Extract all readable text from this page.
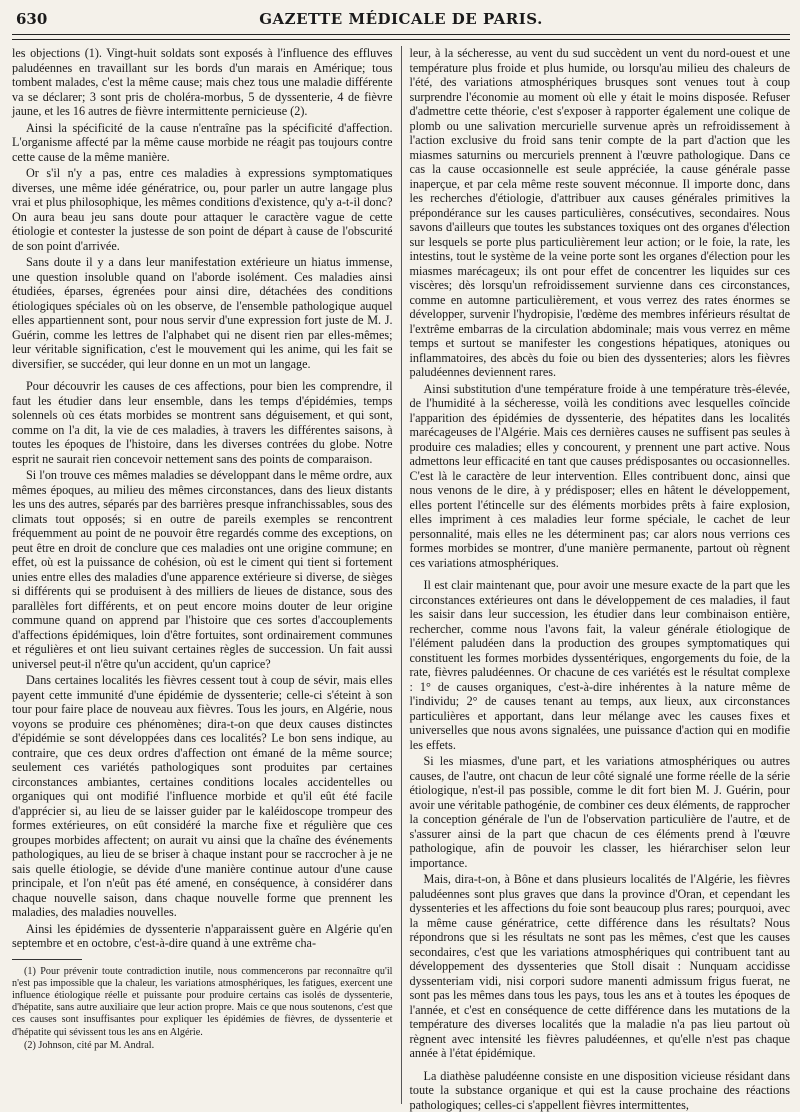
630	GAZETTE MÉDICALE DE PARIS.

les objections (1). Vingt-huit soldats sont exposés à l'influence des effluves paludéennes en travaillant sur les bords d'un marais en Amérique; tous tombent malades, c'est la même cause; mais chez tous une maladie différente va se déclarer; 3 sont pris de choléra-morbus, 5 de dyssenterie, 4 de fièvre jaune, et les 16 autres de fièvre intermittente pernicieuse (2).

Ainsi la spécificité de la cause n'entraîne pas la spécificité d'affection. L'organisme affecté par la même cause morbide ne réagit pas toujours contre cette cause de la même manière.

Or s'il n'y a pas, entre ces maladies à expressions symptomatiques diverses, une même idée génératrice, ou, pour parler un autre langage plus vrai et plus philosophique, les mêmes conditions d'existence, qu'y a-t-il donc? On aura beau jeu sans doute pour attaquer le caractère vague de cette étiologie et contester la justesse de son point de départ à cause de l'obscurité de son point d'arrivée.

Sans doute il y a dans leur manifestation extérieure un hiatus immense, une question insoluble quand on l'aborde isolément. Ces maladies ainsi étudiées, éparses, égrenées pour ainsi dire, détachées des conditions étiologiques spéciales où on les observe, de l'ensemble pathologique auquel elles appartiennent sont, pour nous servir d'une expression fort juste de M. J. Guérin, comme les lettres de l'alphabet qui ne disent rien par elles-mêmes; leur véritable signification, c'est le mouvement qui les anime, qui les fait se diversifier, se succéder, qui leur donne en un mot un langage.

Pour découvrir les causes de ces affections, pour bien les comprendre, il faut les étudier dans leur ensemble, dans les temps d'épidémies, temps solennels où ces états morbides se montrent sans déguisement, et qui sont, comme on l'a dit, la vie de ces maladies, à travers les différentes saisons, à toutes les époques de l'histoire, dans les diverses contrées du globe. Notre esprit ne saurait rien concevoir nettement sans des points de comparaison.

Si l'on trouve ces mêmes maladies se développant dans le même ordre, aux mêmes époques, au milieu des mêmes circonstances, dans des lieux distants les uns des autres, séparés par des barrières presque infranchissables, sous des climats tout opposés; si en outre de pareils exemples se rencontrent fréquemment au point de ne pouvoir être regardés comme des exceptions, on peut être en droit de conclure que ces maladies ont une origine commune; en effet, où est la puissance de cohésion, où est le ciment qui tient si fortement unies entre elles des maladies d'une apparence extérieure si diverse, de sièges si différents qui se produisent à des milliers de lieues de distance, sous des parallèles fort différents, et on peut encore moins douter de leur origine commune quand on apprend par l'histoire que ces sortes d'accouplements d'affections épidémiques, loin d'être fortuites, sont ordinairement communes et régulières et ont lieu suivant certaines règles de succession. Un fait aussi universel peut-il n'être qu'un accident, qu'un caprice?

Dans certaines localités les fièvres cessent tout à coup de sévir, mais elles payent cette immunité d'une épidémie de dyssenterie; celle-ci s'éteint à son tour pour faire place de nouveau aux fièvres. Tous les jours, en Algérie, nous voyons se produire ces phénomènes; dira-t-on que deux causes distinctes d'épidémie se sont développées dans ces localités? Le bon sens indique, au contraire, que ces deux ordres d'affection ont émané de la même source; seulement ces variétés pathologiques sont produites par certaines circonstances ambiantes, certaines conditions locales accidentelles ou organiques qui ont modifié l'influence morbide et qu'il eût été facile d'apprécier si, au lieu de se laisser guider par le kaléidoscope trompeur des formes extérieures, on eût considéré la marche fixe et régulière que ces groupes morbides affectent; on aurait vu ainsi que la chaîne des événements pathologiques, au lieu de se briser à chaque instant pour se raccrocher à je ne sais quelle étiologie, se dévide d'une manière continue autour d'une cause principale, et l'on n'eût pas été amené, en conséquence, à considérer dans chaque nouvelle saison, dans chaque nouvelle forme que prennent les maladies, des maladies nouvelles.

Ainsi les épidémies de dyssenterie n'apparaissent guère en Algérie qu'en septembre et en octobre, c'est-à-dire quand à une extrême cha-

(1) Pour prévenir toute contradiction inutile, nous commencerons par reconnaître qu'il n'est pas impossible que la chaleur, les variations atmosphériques, les fatigues, exercent une influence étiologique réelle et puissante pour produire certains cas isolés de dyssenterie, d'hépatite, sans autre auxiliaire que leur action propre. Mais ce que nous soutenons, c'est que ces causes sont insuffisantes pour expliquer les épidémies de fièvres, de dyssenterie et d'hépatite qui sévissent tous les ans en Algérie.

(2) Johnson, cité par M. Andral.

leur, à la sécheresse, au vent du sud succèdent un vent du nord-ouest et une température plus froide et plus humide, ou lorsqu'au milieu des chaleurs de l'été, des variations atmosphériques brusques sont venues tout à coup surprendre l'économie au moment où elle y était le moins disposée. Refuser d'admettre cette théorie, c'est s'exposer à rapporter également une colique de plomb ou une salivation mercurielle survenue après un refroidissement à l'action exclusive du froid sans tenir compte de la part d'action que les miasmes saturnins ou mercuriels prennent à l'œuvre pathologique. Dans ce cas la cause occasionnelle est seule appréciée, la cause générale passe inaperçue, et par cela même reste souvent méconnue. Il importe donc, dans les recherches d'étiologie, d'attribuer aux causes générales primitives la prépondérance sur les causes particulières, consécutives, secondaires. Nous savons d'ailleurs que toutes les substances toxiques ont des organes d'élection sur lesquels se porte plus particulièrement leur action; or le foie, la rate, les intestins, tout le système de la veine porte sont les organes d'élection pour les miasmes marécageux; ils ont pour effet de concentrer les liquides sur ces viscères; dès lorsqu'un refroidissement survienne dans ces circonstances, comme en automne particulièrement, et vous verrez des rates énormes se développer, survenir l'hydropisie, l'œdème des membres inférieurs résultat de l'extrême embarras de la circulation abdominale; mais vous verrez en même temps et surtout se manifester les congestions hépatiques, atoniques ou inflammatoires, des abcès du foie ou bien des dyssenteries; alors les fièvres paludéennes deviennent rares.

Ainsi substitution d'une température froide à une température très-élevée, de l'humidité à la sécheresse, voilà les conditions avec lesquelles coïncide l'apparition des épidémies de dyssenterie, des hépatites dans les localités marécageuses de l'Algérie. Mais ces dernières causes ne suffisent pas seules à produire ces maladies; elles y concourent, y prennent une part active. Nous admettons leur efficacité en tant que causes prédisposantes ou occasionnelles. C'est là le caractère de leur intervention. Elles contribuent donc, ainsi que nous venons de le dire, à y prédisposer; elles en hâtent le développement, elles portent l'étincelle sur des éléments morbides prêts à faire explosion, elles impriment à ces maladies leur forme spéciale, le cachet de leur personnalité, mais elles ne les déterminent pas; car alors nous verrions ces formes morbides se montrer, d'une manière permanente, partout où règnent ces variations atmosphériques.

Il est clair maintenant que, pour avoir une mesure exacte de la part que les circonstances extérieures ont dans le développement de ces maladies, il faut les saisir dans leur succession, les étudier dans leur combinaison entière, rechercher, comme nous l'avons fait, la valeur générale étiologique de l'élément paludéen dans la production des groupes symptomatiques qui constituent les formes morbides dyssentériques, engorgements du foie, de la rate, fièvres paludéennes. Or chacune de ces variétés est le résultat complexe : 1° de causes organiques, c'est-à-dire inhérentes à la nature même de l'individu; 2° de causes tenant au temps, aux lieux, aux circonstances particulières et apportant, dans leur mélange avec les causes fixes et universelles que nous avons signalées, une puissance d'action qui en modifie les effets.

Si les miasmes, d'une part, et les variations atmosphériques ou autres causes, de l'autre, ont chacun de leur côté signalé une forme réelle de la série étiologique, n'est-il pas possible, comme le dit fort bien M. J. Guérin, pour avoir une véritable pathogénie, de combiner ces deux éléments, de rapprocher la conception générale de l'un de l'observation particulière de l'autre, et de s'assurer ainsi de la part que chacun de ces éléments prend à l'œuvre pathologique, afin de pouvoir les classer, les hiérarchiser selon leur importance.

Mais, dira-t-on, à Bône et dans plusieurs localités de l'Algérie, les fièvres paludéennes sont plus graves que dans la province d'Oran, et cependant les dyssenteries et les affections du foie sont beaucoup plus rares; pourquoi, avec la même cause génératrice, cette différence dans les résultats? Nous répondrons que si les résultats ne sont pas les mêmes, c'est que les causes secondaires, c'est que les variations atmosphériques qui contribuent tant au développement des dyssenteries que Stoll disait : Nunquam accidisse dyssenteriam vidi, nisi corpori sudore manenti admissum frigus fuerat, ne sont pas les mêmes dans tous les pays, tous les ans et à toutes les époques de l'année, et c'est en conséquence de cette différence dans les mutations de la température des diverses localités que la maladie n'a pas lieu partout où règnent avec intensité les fièvres paludéennes, et qu'elle n'est pas chaque année à l'état épidémique.

La diathèse paludéenne consiste en une disposition vicieuse résidant dans toute la substance organique et qui est la cause prochaine des réactions pathologiques; celles-ci s'appellent fièvres intermittentes,
